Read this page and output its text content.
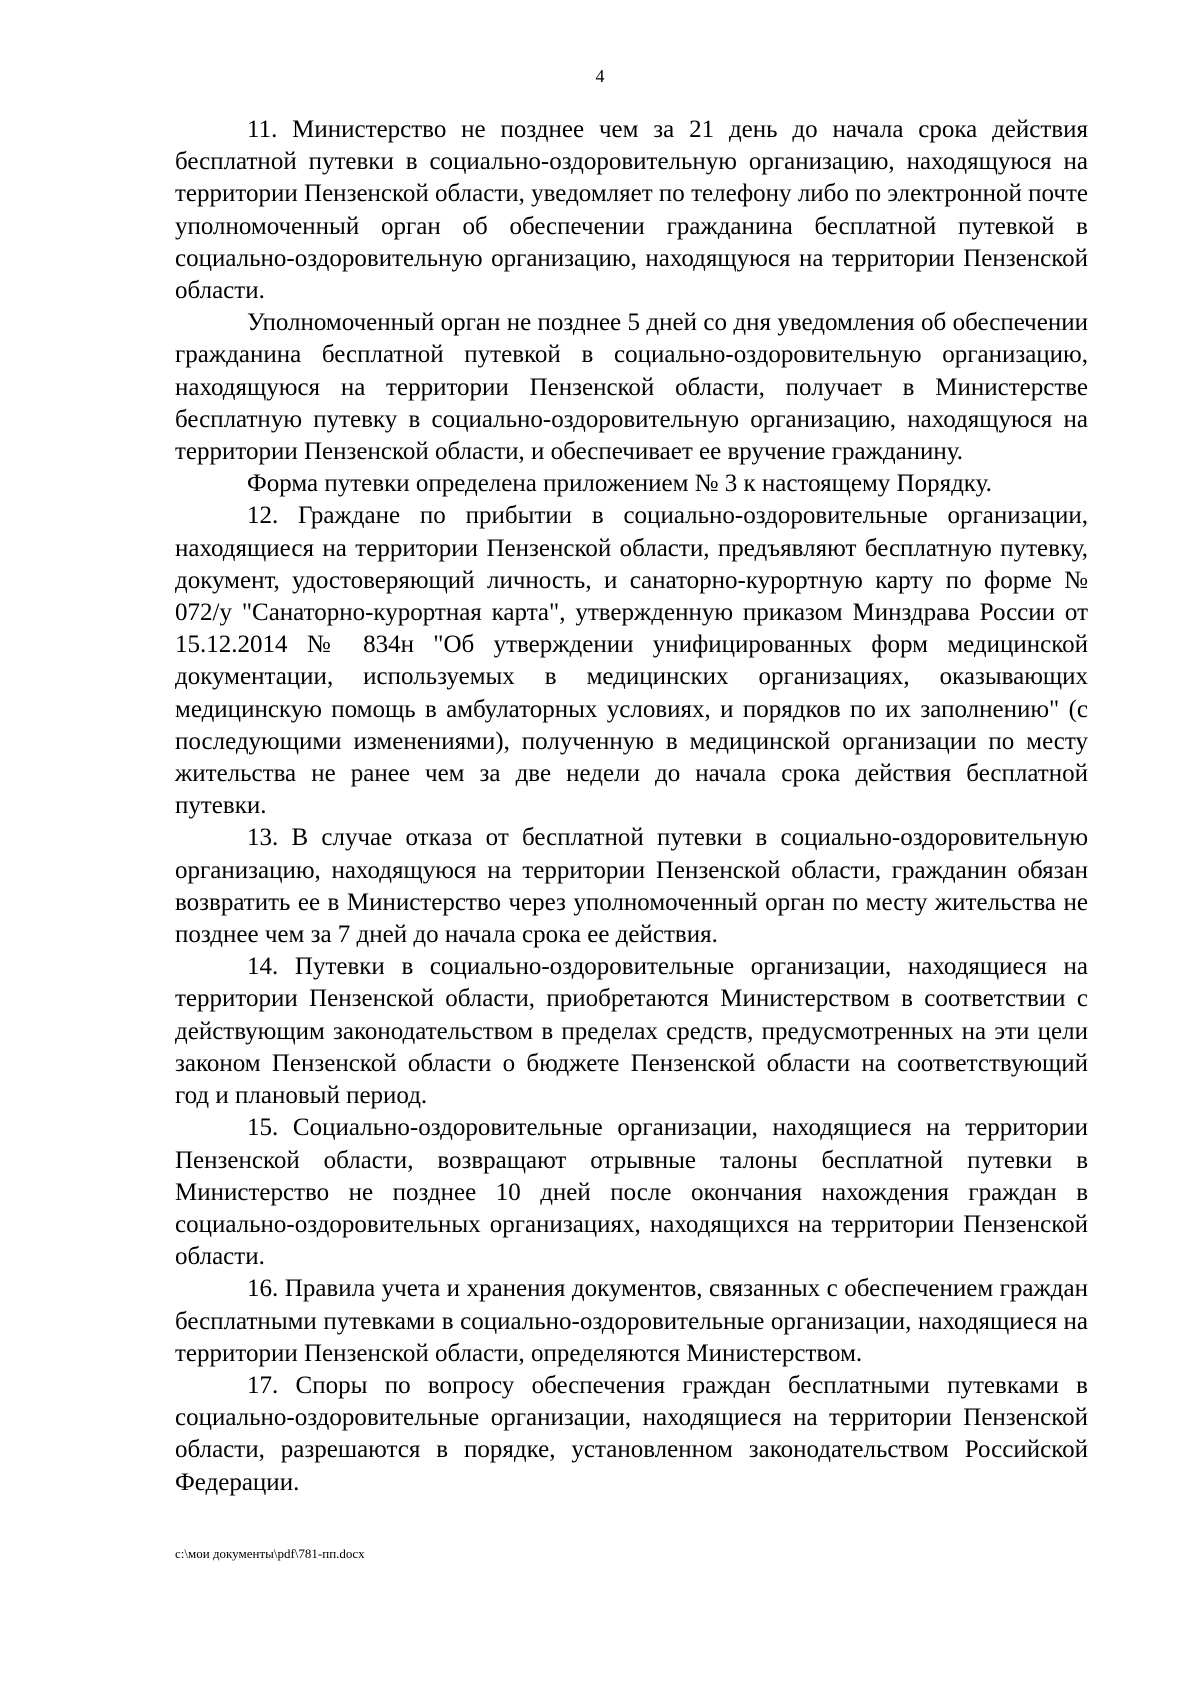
4

11. Министерство не позднее чем за 21 день до начала срока действия бесплатной путевки в социально-оздоровительную организацию, находящуюся на территории Пензенской области, уведомляет по телефону либо по электронной почте уполномоченный орган об обеспечении гражданина бесплатной путевкой в социально-оздоровительную организацию, находящуюся на территории Пензенской области.

Уполномоченный орган не позднее 5 дней со дня уведомления об обеспечении гражданина бесплатной путевкой в социально-оздоровительную организацию, находящуюся на территории Пензенской области, получает в Министерстве бесплатную путевку в социально-оздоровительную организацию, находящуюся на территории Пензенской области, и обеспечивает ее вручение гражданину.

Форма путевки определена приложением № 3 к настоящему Порядку.

12. Граждане по прибытии в социально-оздоровительные организации, находящиеся на территории Пензенской области, предъявляют бесплатную путевку, документ, удостоверяющий личность, и санаторно-курортную карту по форме № 072/у "Санаторно-курортная карта", утвержденную приказом Минздрава России от 15.12.2014 № 834н "Об утверждении унифицированных форм медицинской документации, используемых в медицинских организациях, оказывающих медицинскую помощь в амбулаторных условиях, и порядков по их заполнению" (с последующими изменениями), полученную в медицинской организации по месту жительства не ранее чем за две недели до начала срока действия бесплатной путевки.

13. В случае отказа от бесплатной путевки в социально-оздоровительную организацию, находящуюся на территории Пензенской области, гражданин обязан возвратить ее в Министерство через уполномоченный орган по месту жительства не позднее чем за 7 дней до начала срока ее действия.

14. Путевки в социально-оздоровительные организации, находящиеся на территории Пензенской области, приобретаются Министерством в соответствии с действующим законодательством в пределах средств, предусмотренных на эти цели законом Пензенской области о бюджете Пензенской области на соответствующий год и плановый период.

15. Социально-оздоровительные организации, находящиеся на территории Пензенской области, возвращают отрывные талоны бесплатной путевки в Министерство не позднее 10 дней после окончания нахождения граждан в социально-оздоровительных организациях, находящихся на территории Пензенской области.

16. Правила учета и хранения документов, связанных с обеспечением граждан бесплатными путевками в социально-оздоровительные организации, находящиеся на территории Пензенской области, определяются Министерством.

17. Споры по вопросу обеспечения граждан бесплатными путевками в социально-оздоровительные организации, находящиеся на территории Пензенской области, разрешаются в порядке, установленном законодательством Российской Федерации.

c:\мои документы\pdf\781-пп.docx
